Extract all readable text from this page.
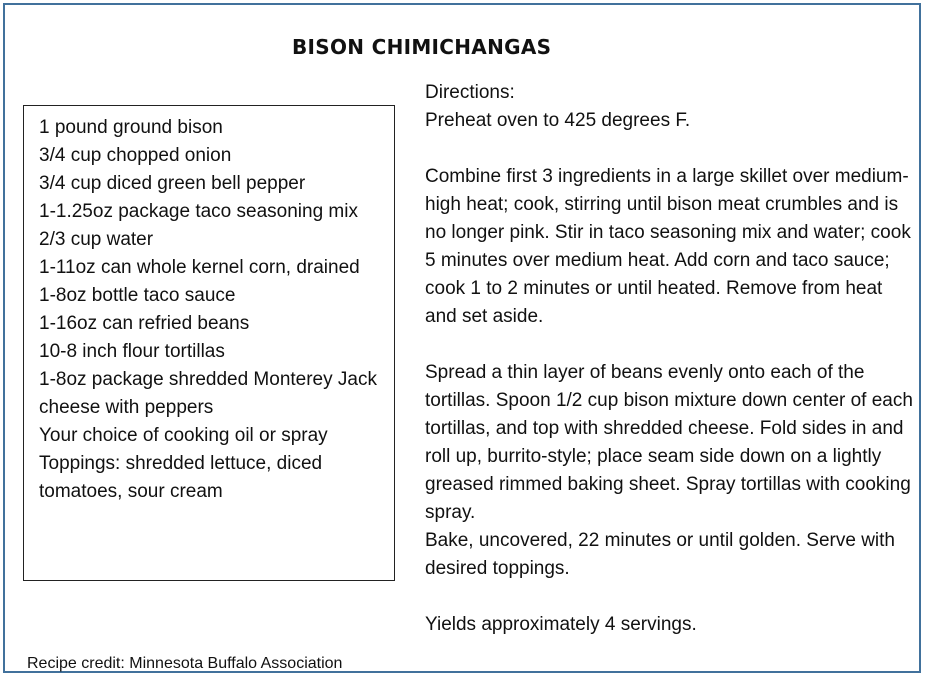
BISON CHIMICHANGAS
1 pound ground bison
3/4 cup chopped onion
3/4 cup diced green bell pepper
1-1.25oz package taco seasoning mix
2/3 cup water
1-11oz can whole kernel corn, drained
1-8oz bottle taco sauce
1-16oz can refried beans
10-8 inch flour tortillas
1-8oz package shredded Monterey Jack cheese with peppers
Your choice of cooking oil or spray
Toppings: shredded lettuce, diced tomatoes, sour cream

Directions:

Preheat oven to 425 degrees F.

Combine first 3 ingredients in a large skillet over medium-high heat; cook, stirring until bison meat crumbles and is no longer pink. Stir in taco seasoning mix and water; cook 5 minutes over medium heat. Add corn and taco sauce; cook 1 to 2 minutes or until heated. Remove from heat and set aside.

Spread a thin layer of beans evenly onto each of the tortillas. Spoon 1/2 cup bison mixture down center of each tortillas, and top with shredded cheese. Fold sides in and roll up, burrito-style; place seam side down on a lightly greased rimmed baking sheet. Spray tortillas with cooking spray.

Bake, uncovered, 22 minutes or until golden. Serve with desired toppings.

Yields approximately 4 servings.

Recipe credit: Minnesota Buffalo Association
